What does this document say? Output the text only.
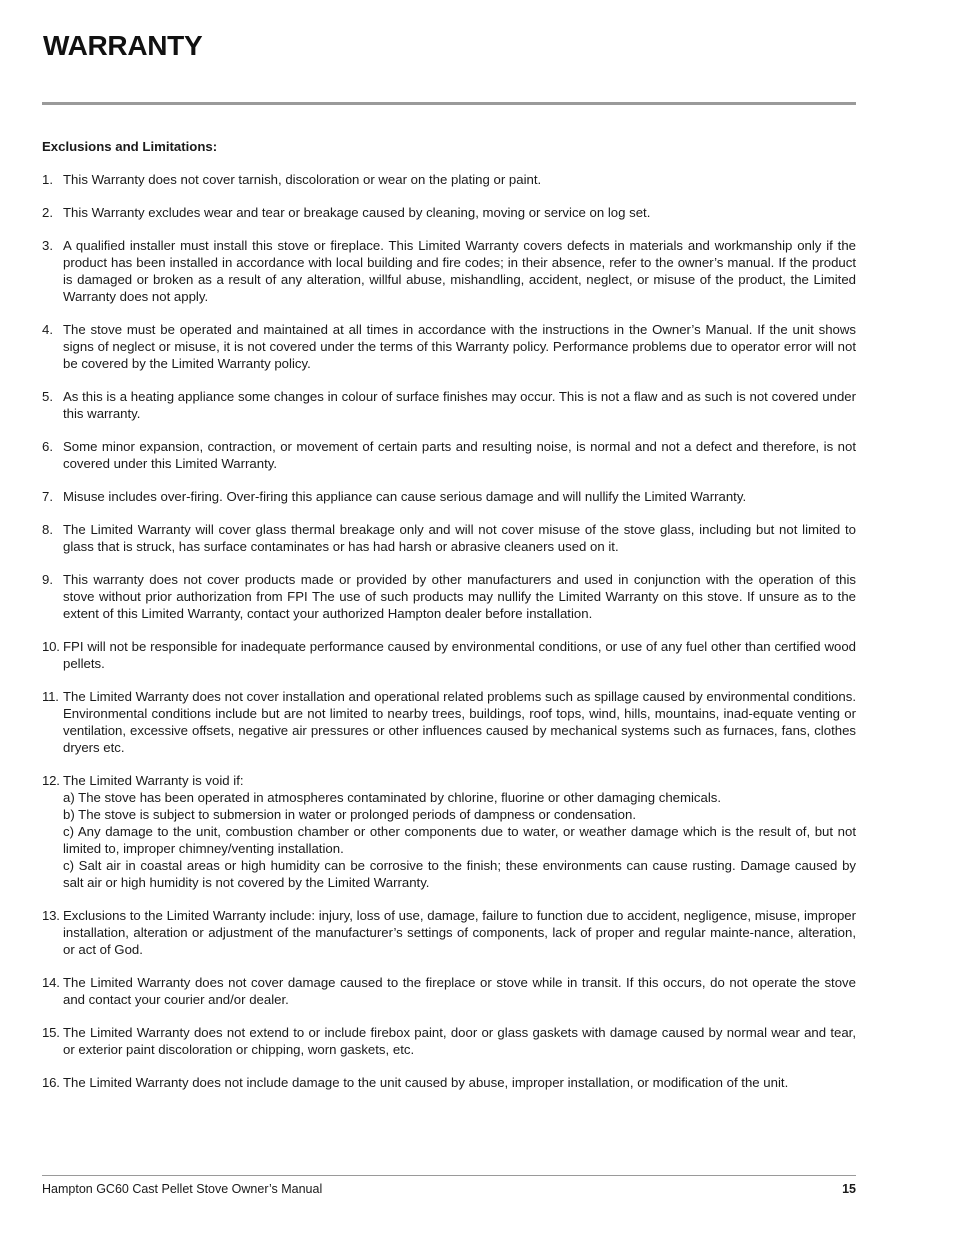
WARRANTY

Exclusions and Limitations:

1. This Warranty does not cover tarnish, discoloration or wear on the plating or paint.
2. This Warranty excludes wear and tear or breakage caused by cleaning, moving or service on log set.
3. A qualified installer must install this stove or fireplace. This Limited Warranty covers defects in materials and workmanship only if the product has been installed in accordance with local building and fire codes; in their absence, refer to the owner’s manual. If the product is damaged or broken as a result of any alteration, willful abuse, mishandling, accident, neglect, or misuse of the product, the Limited Warranty does not apply.
4. The stove must be operated and maintained at all times in accordance with the instructions in the Owner’s Manual. If the unit shows signs of neglect or misuse, it is not covered under the terms of this Warranty policy. Performance problems due to operator error will not be covered by the Limited Warranty policy.
5. As this is a heating appliance some changes in colour of surface finishes may occur. This is not a flaw and as such is not covered under this warranty.
6. Some minor expansion, contraction, or movement of certain parts and resulting noise, is normal and not a defect and therefore, is not covered under this Limited Warranty.
7. Misuse includes over-firing. Over-firing this appliance can cause serious damage and will nullify the Limited Warranty.
8. The Limited Warranty will cover glass thermal breakage only and will not cover misuse of the stove glass, including but not limited to glass that is struck, has surface contaminates or has had harsh or abrasive cleaners used on it.
9. This warranty does not cover products made or provided by other manufacturers and used in conjunction with the operation of this stove without prior authorization from FPI The use of such products may nullify the Limited Warranty on this stove. If unsure as to the extent of this Limited Warranty, contact your authorized Hampton dealer before installation.
10. FPI will not be responsible for inadequate performance caused by environmental conditions, or use of any fuel other than certified wood pellets.
11. The Limited Warranty does not cover installation and operational related problems such as spillage caused by environmental conditions. Environmental conditions include but are not limited to nearby trees, buildings, roof tops, wind, hills, mountains, inad-equate venting or ventilation, excessive offsets, negative air pressures or other influences caused by mechanical systems such as furnaces, fans, clothes dryers etc.
12. The Limited Warranty is void if:
a) The stove has been operated in atmospheres contaminated by chlorine, fluorine or other damaging chemicals.
b) The stove is subject to submersion in water or prolonged periods of dampness or condensation.
c) Any damage to the unit, combustion chamber or other components due to water, or weather damage which is the result of, but not limited to, improper chimney/venting installation.
c) Salt air in coastal areas or high humidity can be corrosive to the finish; these environments can cause rusting. Damage caused by salt air or high humidity is not covered by the Limited Warranty.
13. Exclusions to the Limited Warranty include: injury, loss of use, damage, failure to function due to accident, negligence, misuse, improper installation, alteration or adjustment of the manufacturer’s settings of components, lack of proper and regular mainte-nance, alteration, or act of God.
14. The Limited Warranty does not cover damage caused to the fireplace or stove while in transit. If this occurs, do not operate the stove and contact your courier and/or dealer.
15. The Limited Warranty does not extend to or include firebox paint, door or glass gaskets with damage caused by normal wear and tear, or exterior paint discoloration or chipping, worn gaskets, etc.
16. The Limited Warranty does not include damage to the unit caused by abuse, improper installation, or modification of the unit.
Hampton GC60 Cast Pellet Stove Owner’s Manual	15
